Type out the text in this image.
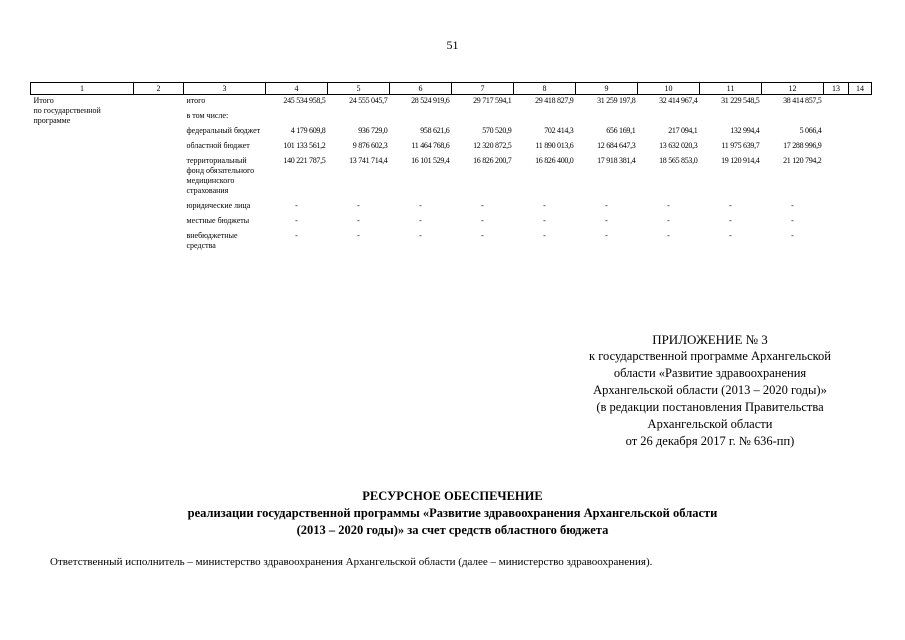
51
1	2	3	4	5	6	7	8	9	10	11	12	13	14
Итого
по государственной
программе		итого	245 534 958,5	24 555 045,7	28 524 919,6	29 717 594,1	29 418 827,9	31 259 197,8	32 414 967,4	31 229 548,5	38 414 857,5		
		в том числе:											
		федеральный бюджет	4 179 609,8	936 729,0	958 621,6	570 520,9	702 414,3	656 169,1	217 094,1	132 994,4	5 066,4		
		областной бюджет	101 133 561,2	9 876 602,3	11 464 768,6	12 320 872,5	11 890 013,6	12 684 647,3	13 632 020,3	11 975 639,7	17 288 996,9		
		территориальный фонд обязательного медицинского страхования	140 221 787,5	13 741 714,4	16 101 529,4	16 826 200,7	16 826 400,0	17 918 381,4	18 565 853,0	19 120 914,4	21 120 794,2		
		юридические лица	-	-	-	-	-	-	-	-	-		
		местные бюджеты	-	-	-	-	-	-	-	-	-		
		внебюджетные средства	-	-	-	-	-	-	-	-	-		
ПРИЛОЖЕНИЕ № 3
к государственной программе Архангельской
области «Развитие здравоохранения
Архангельской области (2013 – 2020 годы)»
(в редакции постановления Правительства
Архангельской области
от 26 декабря 2017 г. № 636-пп)
РЕСУРСНОЕ ОБЕСПЕЧЕНИЕ
реализации государственной программы «Развитие здравоохранения Архангельской области
(2013 – 2020 годы)» за счет средств областного бюджета
Ответственный исполнитель – министерство здравоохранения Архангельской области (далее – министерство здравоохранения).
